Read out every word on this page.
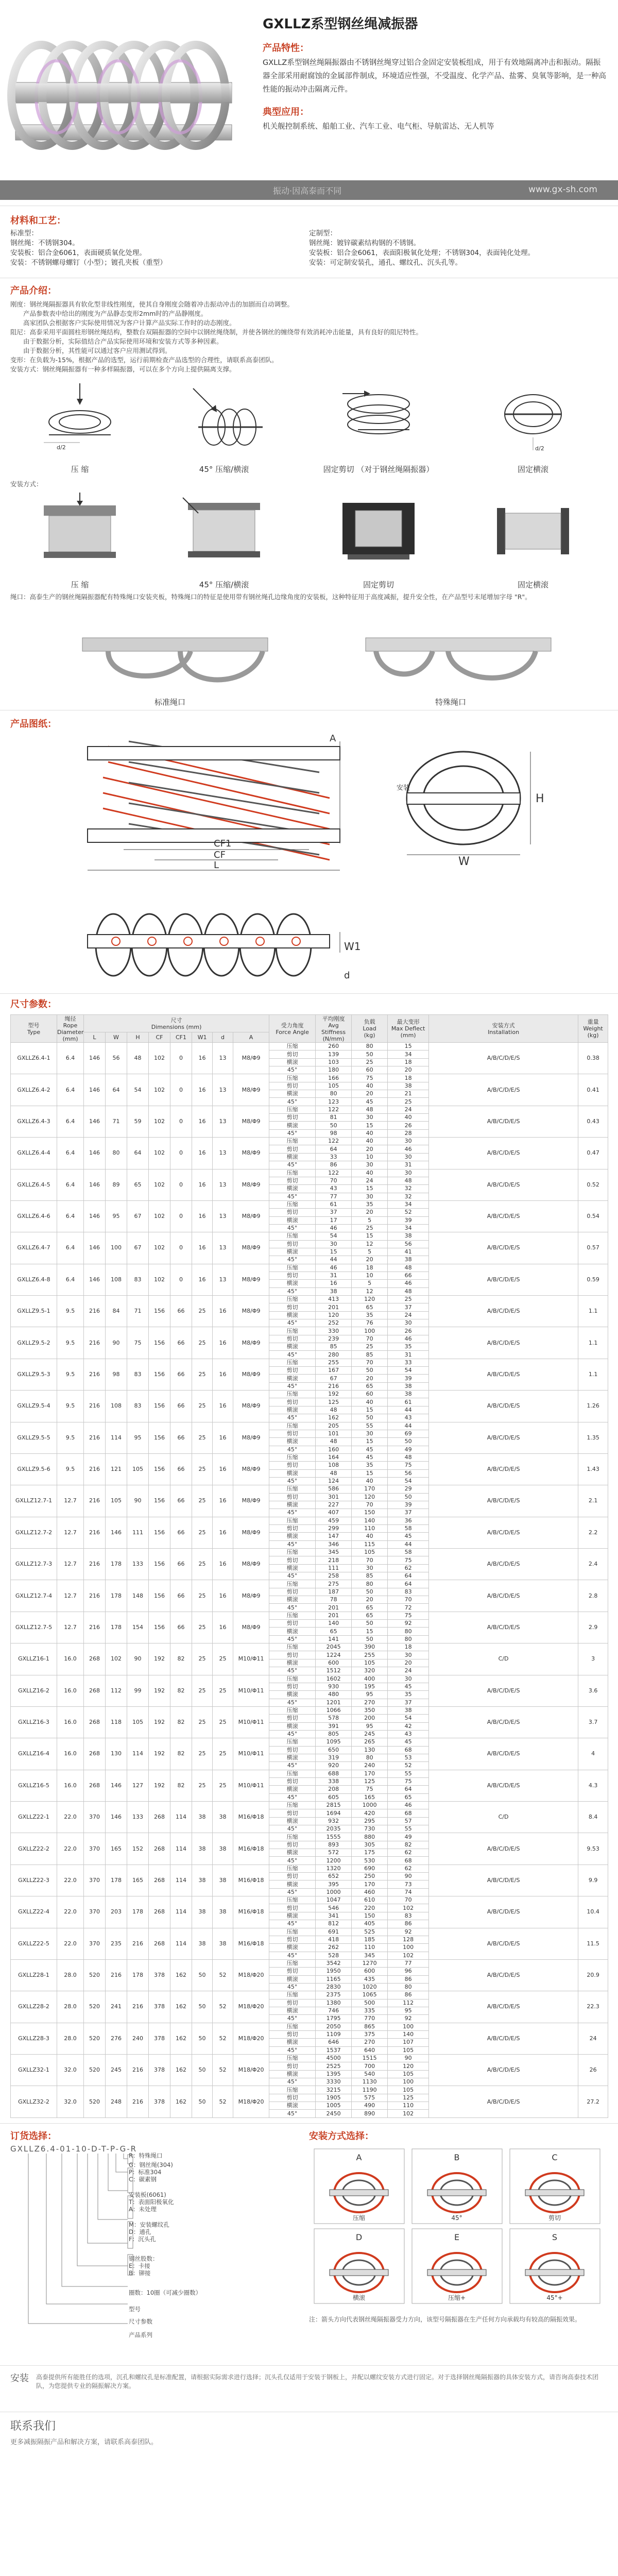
GXLLZ系型钢丝绳减振器
产品特性：
GXLLZ系型钢丝绳隔振器由不锈钢丝绳穿过铝合金固定安装板组成，用于有效地隔离冲击和振动。隔振器全部采用耐腐蚀的金属部件制成，环境适应性强，不受温度、化学产品、盐雾、臭氧等影响，是一种高性能的振动冲击隔离元件。
典型应用：
机关舰控制系统、船舶工业、汽车工业、电气柜、导航雷达、无人机等
振动·因高泰而不同	www.gx-sh.com
材料和工艺：
标准型：
钢丝绳：不锈钢304。
安装板：铝合金6061，表面硬质氧化处理。
安装：不锈钢螺母螺钉（小型）；镀孔夹板（重型）
定制型：
钢丝绳：镀锌碳素结构钢的不锈钢。
安装板：铝合金6061，表面阳极氧化处理；不锈钢304，表面钝化处理。
安装：可定制安装孔，通孔、螺纹孔、沉头孔等。
产品介绍：
刚度：钢丝绳隔振器具有软化型非线性刚度，使其自身刚度会随着冲击振动冲击的加剧而自动调整。
　　产品参数表中给出的刚度为产品静态变形2mm时的产品静刚度。
　　高家团队会根据客户实际使用情况为客户计算产品实际工作时的动态刚度。
阻尼：高泰采用平面圆柱形钢丝绳结构，整数台双隔振器的空间中以钢丝绳绕制，并使各钢丝的缠绕带有效消耗冲击能量，具有良好的阻尼特性。
　　由于数据分析，实际值结合产品实际使用环境和安装方式等多种因素。
　　由于数据分析，其性能可以通过客户应用测试得到。
变形：在负载为-15%，根据产品的选型，运行前期检查产品选型的合理性，请联系高泰团队。
安装方式：钢丝绳隔振器有一种多样隔振器，可以在多个方向上提供隔离支撑。
d/2
压 缩	45° 压缩/横滚	固定剪切 （对于钢丝绳隔振器）
d/2
固定横滚
安装方式：
压 缩	45° 压缩/横滚	固定剪切	固定横滚
绳口：高泰生产的钢丝绳隔振器配有特殊绳口安装夹板，特殊绳口的特征是使用带有钢丝绳孔边缘角度的安装板，这种特征用于高度减振，提升安全性，在产品型号末尾增加字母 "R"。
标准绳口	特殊绳口
产品图纸：
CF1
CF
L
A
H
W
安装
W1
d
尺寸参数：
型号
Type	绳径
Rope
Diameter
(mm)	尺寸
Dimensions (mm)								受力角度
Force Angle	平均刚度
Avg Stiffness
(N/mm)	负载
Load
(kg)	最大变形
Max Deflect
(mm)	安装方式
Installation	重量
Weight
(kg)
		L	W	H	CF	CF1	W1	d	A						
GXLLZ6.4-1	6.4	146	56	48	102	0	16	13	M8/Φ9	压缩	260	80	15	A/B/C/D/E/S	0.38
										剪切	139	50	34		
										横滚	103	25	18		
										45°	180	60	20		
GXLLZ6.4-2	6.4	146	64	54	102	0	16	13	M8/Φ9	压缩	166	75	18	A/B/C/D/E/S	0.41
										剪切	105	40	38		
										横滚	80	20	21		
										45°	123	45	25		
GXLLZ6.4-3	6.4	146	71	59	102	0	16	13	M8/Φ9	压缩	122	48	24	A/B/C/D/E/S	0.43
										剪切	81	30	40		
										横滚	50	15	26		
										45°	98	40	28		
GXLLZ6.4-4	6.4	146	80	64	102	0	16	13	M8/Φ9	压缩	122	40	30	A/B/C/D/E/S	0.47
										剪切	64	20	46		
										横滚	33	10	30		
										45°	86	30	31		
GXLLZ6.4-5	6.4	146	89	65	102	0	16	13	M8/Φ9	压缩	122	40	30	A/B/C/D/E/S	0.52
										剪切	70	24	48		
										横滚	43	15	32		
										45°	77	30	32		
GXLLZ6.4-6	6.4	146	95	67	102	0	16	13	M8/Φ9	压缩	61	35	34	A/B/C/D/E/S	0.54
										剪切	37	20	52		
										横滚	17	5	39		
										45°	46	25	34		
GXLLZ6.4-7	6.4	146	100	67	102	0	16	13	M8/Φ9	压缩	54	15	38	A/B/C/D/E/S	0.57
										剪切	30	12	56		
										横滚	15	5	41		
										45°	44	20	38		
GXLLZ6.4-8	6.4	146	108	83	102	0	16	13	M8/Φ9	压缩	46	18	48	A/B/C/D/E/S	0.59
										剪切	31	10	66		
										横滚	16	5	46		
										45°	38	12	48		
GXLLZ9.5-1	9.5	216	84	71	156	66	25	16	M8/Φ9	压缩	413	120	25	A/B/C/D/E/S	1.1
										剪切	201	65	37		
										横滚	120	35	24		
										45°	252	76	30		
GXLLZ9.5-2	9.5	216	90	75	156	66	25	16	M8/Φ9	压缩	330	100	26	A/B/C/D/E/S	1.1
										剪切	239	70	46		
										横滚	85	25	35		
										45°	280	85	31		
GXLLZ9.5-3	9.5	216	98	83	156	66	25	16	M8/Φ9	压缩	255	70	33	A/B/C/D/E/S	1.1
										剪切	167	50	54		
										横滚	67	20	39		
										45°	216	65	38		
GXLLZ9.5-4	9.5	216	108	83	156	66	25	16	M8/Φ9	压缩	192	60	38	A/B/C/D/E/S	1.26
										剪切	125	40	61		
										横滚	48	15	44		
										45°	162	50	43		
GXLLZ9.5-5	9.5	216	114	95	156	66	25	16	M8/Φ9	压缩	205	55	44	A/B/C/D/E/S	1.35
										剪切	101	30	69		
										横滚	48	15	50		
										45°	160	45	49		
GXLLZ9.5-6	9.5	216	121	105	156	66	25	16	M8/Φ9	压缩	164	45	48	A/B/C/D/E/S	1.43
										剪切	108	35	75		
										横滚	48	15	56		
										45°	124	40	54		
GXLLZ12.7-1	12.7	216	105	90	156	66	25	16	M8/Φ9	压缩	586	170	29	A/B/C/D/E/S	2.1
										剪切	301	120	50		
										横滚	227	70	39		
										45°	407	150	37		
GXLLZ12.7-2	12.7	216	146	111	156	66	25	16	M8/Φ9	压缩	459	140	36	A/B/C/D/E/S	2.2
										剪切	299	110	58		
										横滚	147	40	45		
										45°	346	115	44		
GXLLZ12.7-3	12.7	216	178	133	156	66	25	16	M8/Φ9	压缩	345	105	58	A/B/C/D/E/S	2.4
										剪切	218	70	75		
										横滚	111	30	62		
										45°	258	85	64		
GXLLZ12.7-4	12.7	216	178	148	156	66	25	16	M8/Φ9	压缩	275	80	64	A/B/C/D/E/S	2.8
										剪切	187	50	83		
										横滚	78	20	70		
										45°	201	65	72		
GXLLZ12.7-5	12.7	216	178	154	156	66	25	16	M8/Φ9	压缩	201	65	75	A/B/C/D/E/S	2.9
										剪切	140	50	92		
										横滚	65	15	80		
										45°	141	50	80		
GXLLZ16-1	16.0	268	102	90	192	82	25	25	M10/Φ11	压缩	2045	390	18	C/D	3
										剪切	1224	255	30		
										横滚	600	105	20		
										45°	1512	320	24		
GXLLZ16-2	16.0	268	112	99	192	82	25	25	M10/Φ11	压缩	1602	400	30	A/B/C/D/E/S	3.6
										剪切	930	195	45		
										横滚	480	95	35		
										45°	1201	270	37		
GXLLZ16-3	16.0	268	118	105	192	82	25	25	M10/Φ11	压缩	1066	350	38	A/B/C/D/E/S	3.7
										剪切	578	200	54		
										横滚	391	95	42		
										45°	805	245	43		
GXLLZ16-4	16.0	268	130	114	192	82	25	25	M10/Φ11	压缩	1095	265	45	A/B/C/D/E/S	4
										剪切	650	130	68		
										横滚	319	80	53		
										45°	920	240	52		
GXLLZ16-5	16.0	268	146	127	192	82	25	25	M10/Φ11	压缩	688	170	55	A/B/C/D/E/S	4.3
										剪切	338	125	75		
										横滚	208	75	64		
										45°	605	165	65		
GXLLZ22-1	22.0	370	146	133	268	114	38	38	M16/Φ18	压缩	2815	1000	46	C/D	8.4
										剪切	1694	420	68		
										横滚	932	295	57		
										45°	2035	730	55		
GXLLZ22-2	22.0	370	165	152	268	114	38	38	M16/Φ18	压缩	1555	880	49	A/B/C/D/E/S	9.53
										剪切	893	305	82		
										横滚	572	175	62		
										45°	1200	530	68		
GXLLZ22-3	22.0	370	178	165	268	114	38	38	M16/Φ18	压缩	1320	690	62	A/B/C/D/E/S	9.9
										剪切	652	250	90		
										横滚	395	170	73		
										45°	1000	460	74		
GXLLZ22-4	22.0	370	203	178	268	114	38	38	M16/Φ18	压缩	1047	610	70	A/B/C/D/E/S	10.4
										剪切	546	220	102		
										横滚	341	150	83		
										45°	812	405	86		
GXLLZ22-5	22.0	370	235	216	268	114	38	38	M16/Φ18	压缩	691	525	92	A/B/C/D/E/S	11.5
										剪切	418	185	128		
										横滚	262	110	100		
										45°	528	345	102		
GXLLZ28-1	28.0	520	216	178	378	162	50	52	M18/Φ20	压缩	3542	1270	77	A/B/C/D/E/S	20.9
										剪切	1950	600	96		
										横滚	1165	435	86		
										45°	2830	1020	80		
GXLLZ28-2	28.0	520	241	216	378	162	50	52	M18/Φ20	压缩	2375	1065	86	A/B/C/D/E/S	22.3
										剪切	1380	500	112		
										横滚	746	335	95		
										45°	1795	770	92		
GXLLZ28-3	28.0	520	276	240	378	162	50	52	M18/Φ20	压缩	2050	865	100	A/B/C/D/E/S	24
										剪切	1109	375	140		
										横滚	646	270	107		
										45°	1537	640	105		
GXLLZ32-1	32.0	520	245	216	378	162	50	52	M18/Φ20	压缩	4500	1515	90	A/B/C/D/E/S	26
										剪切	2525	700	120		
										横滚	1395	540	105		
										45°	3330	1130	100		
GXLLZ32-2	32.0	520	248	216	378	162	50	52	M18/Φ20	压缩	3215	1190	105	A/B/C/D/E/S	27.2
										剪切	1905	575	125		
										横滚	1005	490	110		
										45°	2450	890	102		
订货选择：
GXLLZ6.4-01-10-D-T-P-G-R
R：特殊绳口
G：钢丝绳(304)
P：标准304
C：碳素钢
安装板(6061)
T：表面阳极氧化
A：未处理
M：安装螺纹孔
D：通孔
F：沉头孔
钢丝股数：
E：卡接
B：铆接
圈数：10圈（可减少圈数）
型号
尺寸参数
产品系列
安装方式选择：
A
压缩
B
45°
C
剪切
D
横滚
E
压缩+
S
45°+
注：箭头方向代表钢丝绳隔振器受力方向，该型号隔振器在生产任何方向承载均有较高的隔振效果。
安装	高泰提供所有能胜任的选项，沉孔和螺纹孔是标准配置，请根据实际需求进行选择；沉头孔仅适用于安装于钢板上，并配以螺纹安装方式进行固定。对于选择钢丝绳隔振器的具体安装方式，请咨询高泰技术团队，为您提供专业的隔振解决方案。
联系我们
更多减振隔振产品和解决方案，请联系高泰团队。
